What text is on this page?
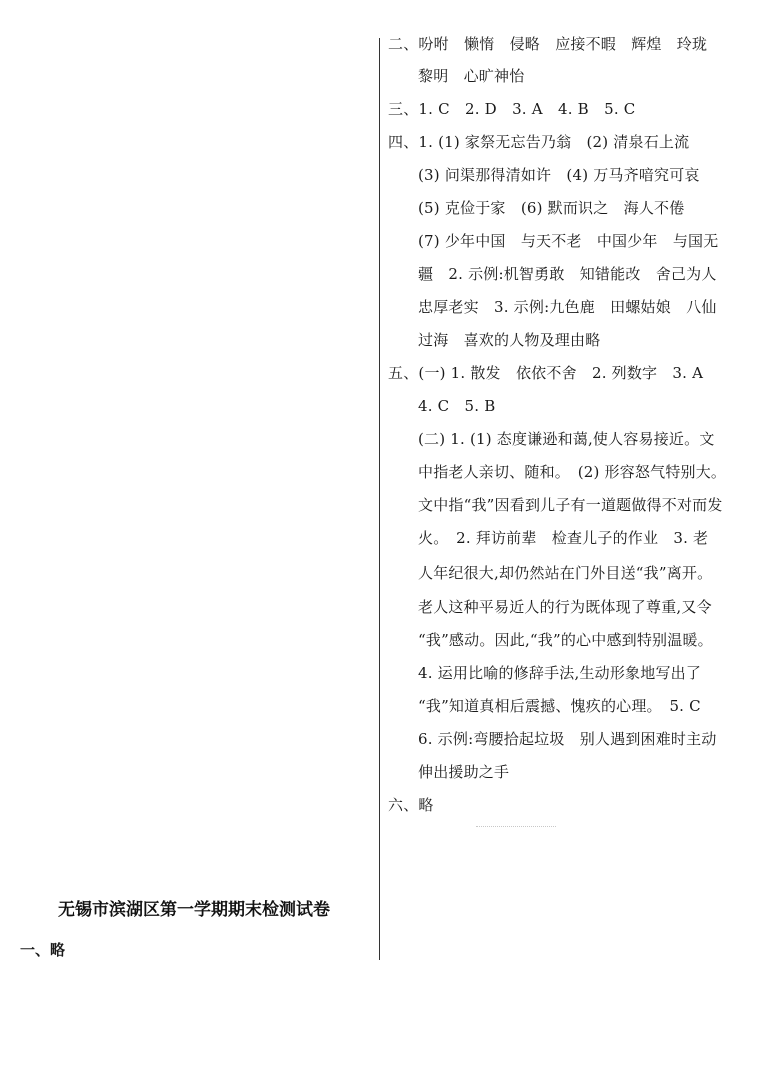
二、吩咐　懒惰　侵略　应接不暇　辉煌　玲珑
黎明　心旷神怡
三、1. C　2. D　3. A　4. B　5. C
四、1. (1) 家祭无忘告乃翁　(2) 清泉石上流
(3) 问渠那得清如许　(4) 万马齐喑究可哀
(5) 克俭于家　(6) 默而识之　海人不倦
(7) 少年中国　与天不老　中国少年　与国无
疆　2. 示例:机智勇敢　知错能改　舍己为人
忠厚老实　3. 示例:九色鹿　田螺姑娘　八仙
过海　喜欢的人物及理由略
五、(一) 1. 散发　依依不舍　2. 列数字　3. A
4. C　5. B
(二) 1. (1) 态度谦逊和蔼,使人容易接近。文
中指老人亲切、随和。　(2) 形容怒气特别大。
文中指“我”因看到儿子有一道题做得不对而发
火。　2. 拜访前辈　检查儿子的作业　3. 老
人年纪很大,却仍然站在门外目送“我”离开。
老人这种平易近人的行为既体现了尊重,又令
“我”感动。因此,“我”的心中感到特别温暖。
4. 运用比喻的修辞手法,生动形象地写出了
“我”知道真相后震撼、愧疚的心理。　5. C
6. 示例:弯腰拾起垃圾　别人遇到困难时主动
伸出援助之手
六、略
无锡市滨湖区第一学期期末检测试卷
一、略
